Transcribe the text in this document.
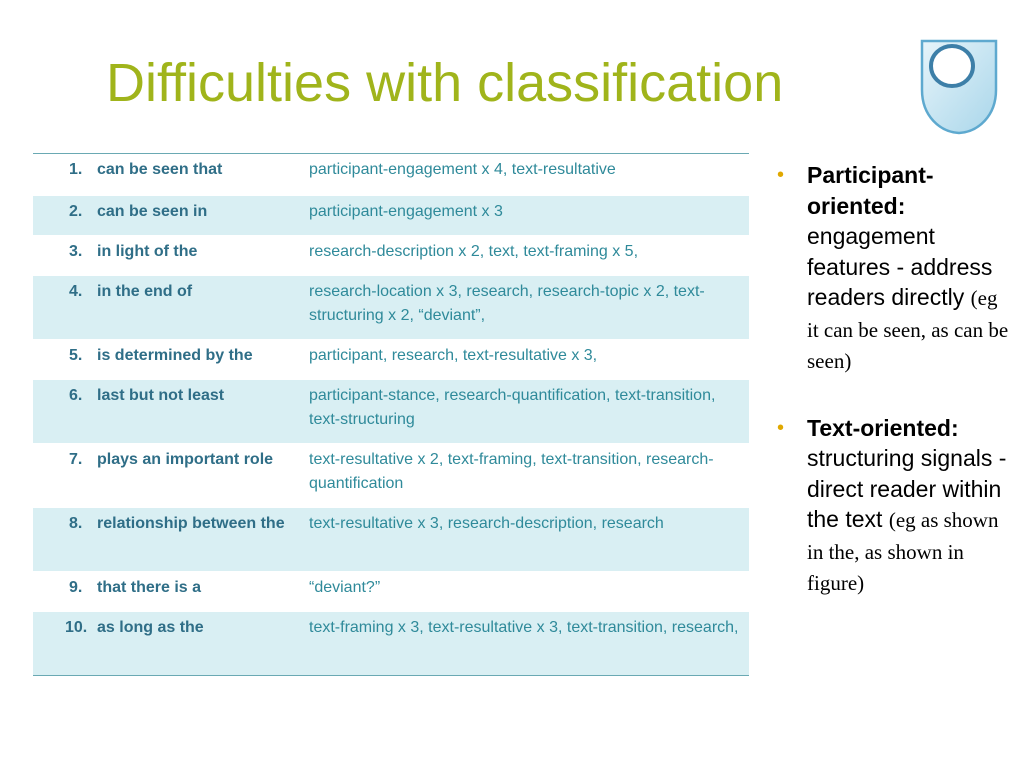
Difficulties with classification
1. can be seen that	participant-engagement x 4, text-resultative
2. can be seen in	participant-engagement x 3
3. in light of the	research-description x 2, text, text-framing x 5,
4. in the end of	research-location x 3, research, research-topic x 2, text-structuring x 2, “deviant”,
5. is determined by the	participant, research, text-resultative x 3,
6. last but not least	participant-stance, research-quantification, text-transition, text-structuring
7. plays an important role	text-resultative x 2, text-framing, text-transition, research-quantification
8. relationship between the	text-resultative x 3, research-description, research
9. that there is a	“deviant?”
10. as long as the	text-framing x 3, text-resultative x 3, text-transition, research,
• Participant-oriented: engagement features - address readers directly (eg it can be seen, as can be seen)
• Text-oriented: structuring signals - direct reader within the text (eg as shown in the, as shown in figure)
